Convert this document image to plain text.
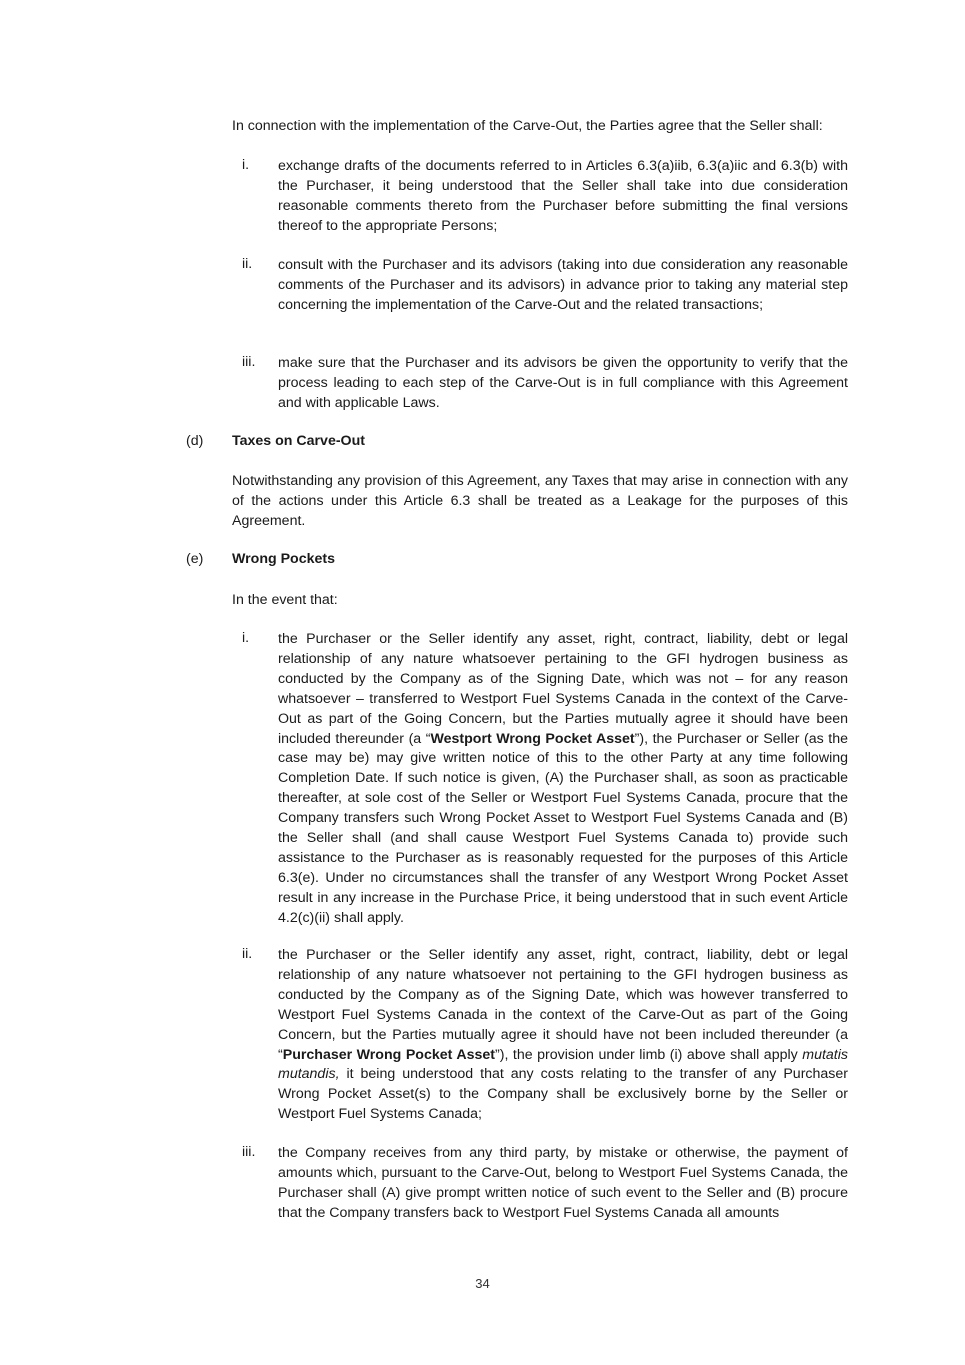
In connection with the implementation of the Carve-Out, the Parties agree that the Seller shall:
i. exchange drafts of the documents referred to in Articles 6.3(a)iib, 6.3(a)iic and 6.3(b) with the Purchaser, it being understood that the Seller shall take into due consideration reasonable comments thereto from the Purchaser before submitting the final versions thereof to the appropriate Persons;
ii. consult with the Purchaser and its advisors (taking into due consideration any reasonable comments of the Purchaser and its advisors) in advance prior to taking any material step concerning the implementation of the Carve-Out and the related transactions;
iii. make sure that the Purchaser and its advisors be given the opportunity to verify that the process leading to each step of the Carve-Out is in full compliance with this Agreement and with applicable Laws.
(d) Taxes on Carve-Out
Notwithstanding any provision of this Agreement, any Taxes that may arise in connection with any of the actions under this Article 6.3 shall be treated as a Leakage for the purposes of this Agreement.
(e) Wrong Pockets
In the event that:
i. the Purchaser or the Seller identify any asset, right, contract, liability, debt or legal relationship of any nature whatsoever pertaining to the GFI hydrogen business as conducted by the Company as of the Signing Date, which was not – for any reason whatsoever – transferred to Westport Fuel Systems Canada in the context of the Carve-Out as part of the Going Concern, but the Parties mutually agree it should have been included thereunder (a “Westport Wrong Pocket Asset”), the Purchaser or Seller (as the case may be) may give written notice of this to the other Party at any time following Completion Date. If such notice is given, (A) the Purchaser shall, as soon as practicable thereafter, at sole cost of the Seller or Westport Fuel Systems Canada, procure that the Company transfers such Wrong Pocket Asset to Westport Fuel Systems Canada and (B) the Seller shall (and shall cause Westport Fuel Systems Canada to) provide such assistance to the Purchaser as is reasonably requested for the purposes of this Article 6.3(e). Under no circumstances shall the transfer of any Westport Wrong Pocket Asset result in any increase in the Purchase Price, it being understood that in such event Article 4.2(c)(ii) shall apply.
ii. the Purchaser or the Seller identify any asset, right, contract, liability, debt or legal relationship of any nature whatsoever not pertaining to the GFI hydrogen business as conducted by the Company as of the Signing Date, which was however transferred to Westport Fuel Systems Canada in the context of the Carve-Out as part of the Going Concern, but the Parties mutually agree it should have not been included thereunder (a “Purchaser Wrong Pocket Asset”), the provision under limb (i) above shall apply mutatis mutandis, it being understood that any costs relating to the transfer of any Purchaser Wrong Pocket Asset(s) to the Company shall be exclusively borne by the Seller or Westport Fuel Systems Canada;
iii. the Company receives from any third party, by mistake or otherwise, the payment of amounts which, pursuant to the Carve-Out, belong to Westport Fuel Systems Canada, the Purchaser shall (A) give prompt written notice of such event to the Seller and (B) procure that the Company transfers back to Westport Fuel Systems Canada all amounts
34
